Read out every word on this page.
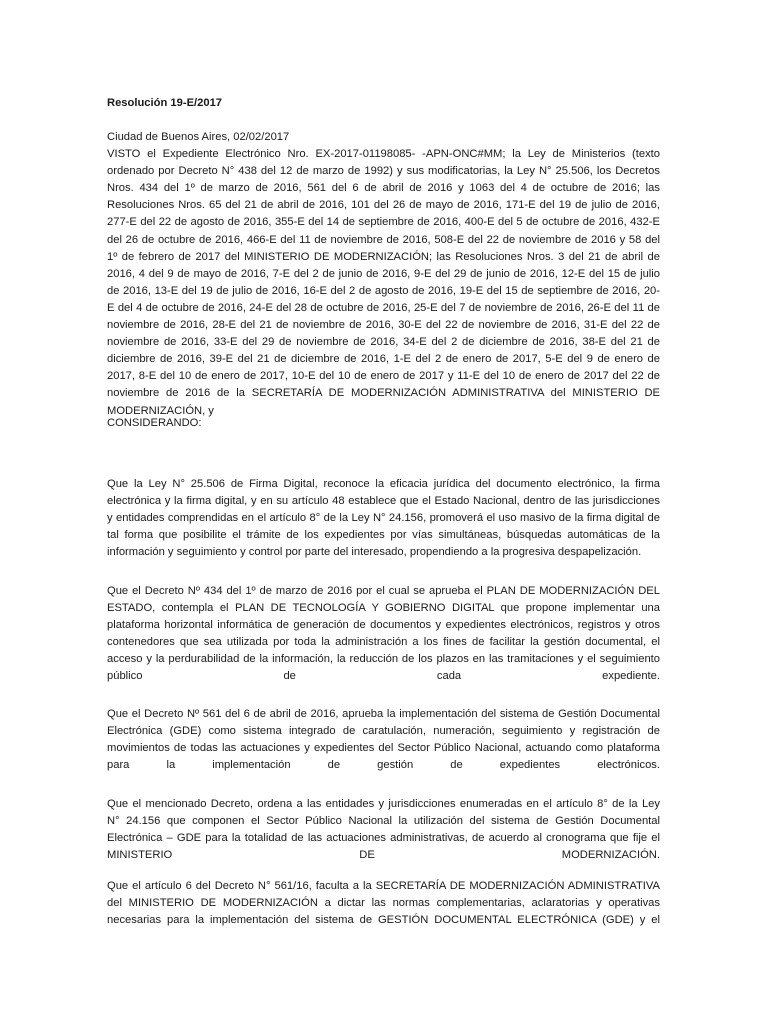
Resolución 19-E/2017
Ciudad de Buenos Aires, 02/02/2017
VISTO el Expediente Electrónico Nro. EX-2017-01198085- -APN-ONC#MM; la Ley de Ministerios (texto
ordenado por Decreto N° 438 del 12 de marzo de 1992) y sus modificatorias, la Ley N° 25.506, los Decretos
Nros. 434 del 1º de marzo de 2016, 561 del 6 de abril de 2016 y 1063 del 4 de octubre de 2016; las
Resoluciones Nros. 65 del 21 de abril de 2016, 101 del 26 de mayo de 2016, 171-E del 19 de julio de 2016,
277-E del 22 de agosto de 2016, 355-E del 14 de septiembre de 2016, 400-E del 5 de octubre de 2016, 432-E
del 26 de octubre de 2016, 466-E del 11 de noviembre de 2016, 508-E del 22 de noviembre de 2016 y 58 del
1º de febrero de 2017 del MINISTERIO DE MODERNIZACIÓN; las Resoluciones Nros. 3 del 21 de abril de
2016, 4 del 9 de mayo de 2016, 7-E del 2 de junio de 2016, 9-E del 29 de junio de 2016, 12-E del 15 de julio
de 2016, 13-E del 19 de julio de 2016, 16-E del 2 de agosto de 2016, 19-E del 15 de septiembre de 2016, 20-
E del 4 de octubre de 2016, 24-E del 28 de octubre de 2016, 25-E del 7 de noviembre de 2016, 26-E del 11 de
noviembre de 2016, 28-E del 21 de noviembre de 2016, 30-E del 22 de noviembre de 2016, 31-E del 22 de
noviembre de 2016, 33-E del 29 de noviembre de 2016, 34-E del 2 de diciembre de 2016, 38-E del 21 de
diciembre de 2016, 39-E del 21 de diciembre de 2016, 1-E del 2 de enero de 2017, 5-E del 9 de enero de
2017, 8-E del 10 de enero de 2017, 10-E del 10 de enero de 2017 y 11-E del 10 de enero de 2017 del 22 de
noviembre de 2016 de la SECRETARÍA DE MODERNIZACIÓN ADMINISTRATIVA del MINISTERIO DE
MODERNIZACIÓN, y
CONSIDERANDO:
Que la Ley N° 25.506 de Firma Digital, reconoce la eficacia jurídica del documento electrónico, la firma
electrónica y la firma digital, y en su artículo 48 establece que el Estado Nacional, dentro de las jurisdicciones
y entidades comprendidas en el artículo 8° de la Ley N° 24.156, promoverá el uso masivo de la firma digital de
tal forma que posibilite el trámite de los expedientes por vías simultáneas, búsquedas automáticas de la
información y seguimiento y control por parte del interesado, propendiendo a la progresiva despapelización.
Que el Decreto Nº 434 del 1º de marzo de 2016 por el cual se aprueba el PLAN DE MODERNIZACIÓN DEL
ESTADO, contempla el PLAN DE TECNOLOGÍA Y GOBIERNO DIGITAL que propone implementar una
plataforma horizontal informática de generación de documentos y expedientes electrónicos, registros y otros
contenedores que sea utilizada por toda la administración a los fines de facilitar la gestión documental, el
acceso y la perdurabilidad de la información, la reducción de los plazos en las tramitaciones y el seguimiento
público de cada expediente.
Que el Decreto Nº 561 del 6 de abril de 2016, aprueba la implementación del sistema de Gestión Documental
Electrónica (GDE) como sistema integrado de caratulación, numeración, seguimiento y registración de
movimientos de todas las actuaciones y expedientes del Sector Público Nacional, actuando como plataforma
para la implementación de gestión de expedientes electrónicos.
Que el mencionado Decreto, ordena a las entidades y jurisdicciones enumeradas en el artículo 8° de la Ley
N° 24.156 que componen el Sector Público Nacional la utilización del sistema de Gestión Documental
Electrónica – GDE para la totalidad de las actuaciones administrativas, de acuerdo al cronograma que fije el
MINISTERIO DE MODERNIZACIÓN.
Que el artículo 6 del Decreto N° 561/16, faculta a la SECRETARÍA DE MODERNIZACIÓN ADMINISTRATIVA
del MINISTERIO DE MODERNIZACIÓN a dictar las normas complementarias, aclaratorias y operativas
necesarias para la implementación del sistema de GESTIÓN DOCUMENTAL ELECTRÓNICA (GDE) y el
